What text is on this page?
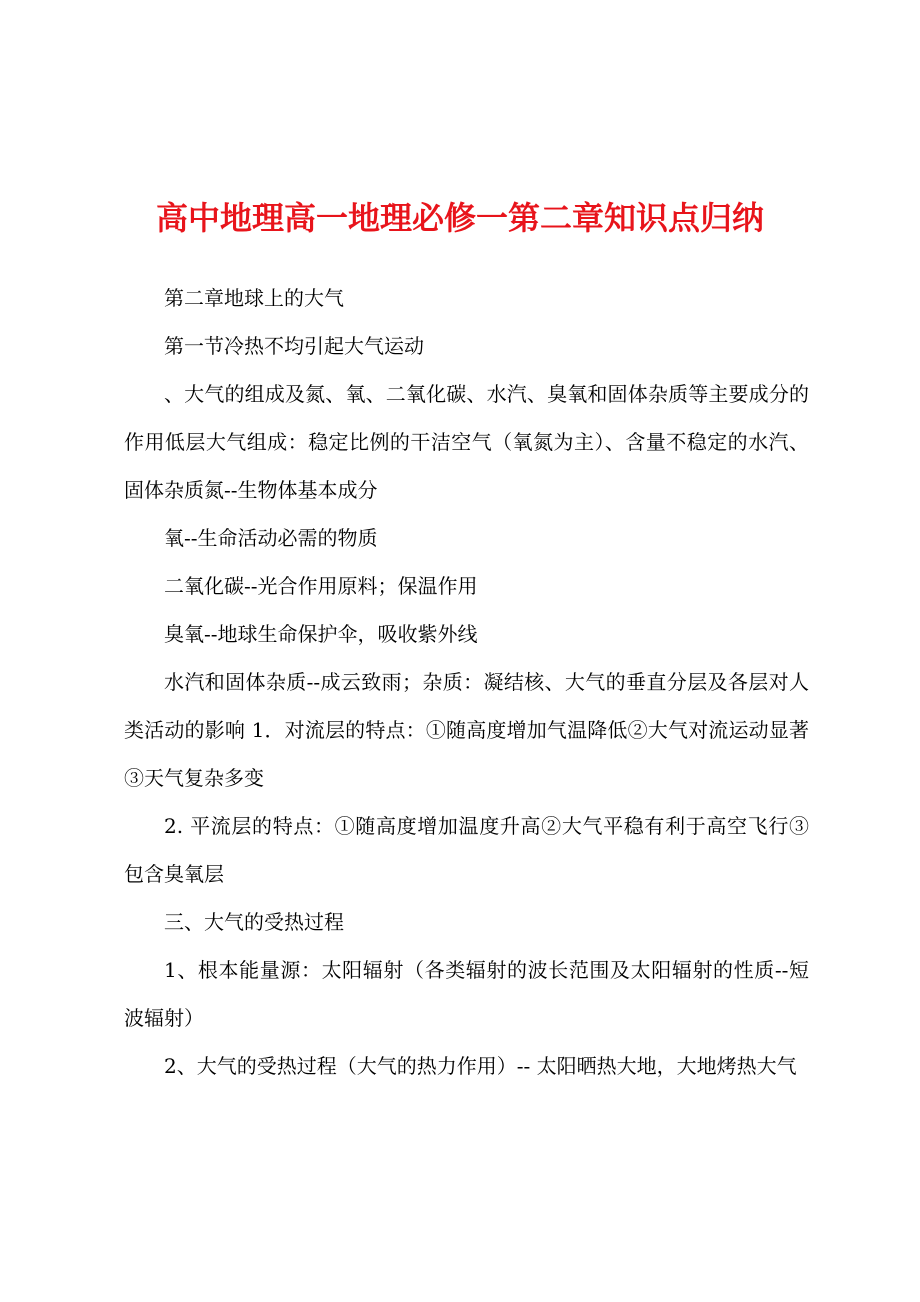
高中地理高一地理必修一第二章知识点归纳

第二章地球上的大气

第一节冷热不均引起大气运动

、大气的组成及氮、氧、二氧化碳、水汽、臭氧和固体杂质等主要成分的作用低层大气组成：稳定比例的干洁空气（氧氮为主）、含量不稳定的水汽、固体杂质氮--生物体基本成分

氧--生命活动必需的物质

二氧化碳--光合作用原料；保温作用

臭氧--地球生命保护伞，吸收紫外线

水汽和固体杂质--成云致雨；杂质：凝结核、大气的垂直分层及各层对人类活动的影响 1．对流层的特点：①随高度增加气温降低②大气对流运动显著③天气复杂多变

2. 平流层的特点：①随高度增加温度升高②大气平稳有利于高空飞行③包含臭氧层

三、大气的受热过程

1、根本能量源：太阳辐射（各类辐射的波长范围及太阳辐射的性质--短波辐射）

2、大气的受热过程（大气的热力作用）-- 太阳晒热大地，大地烤热大气
